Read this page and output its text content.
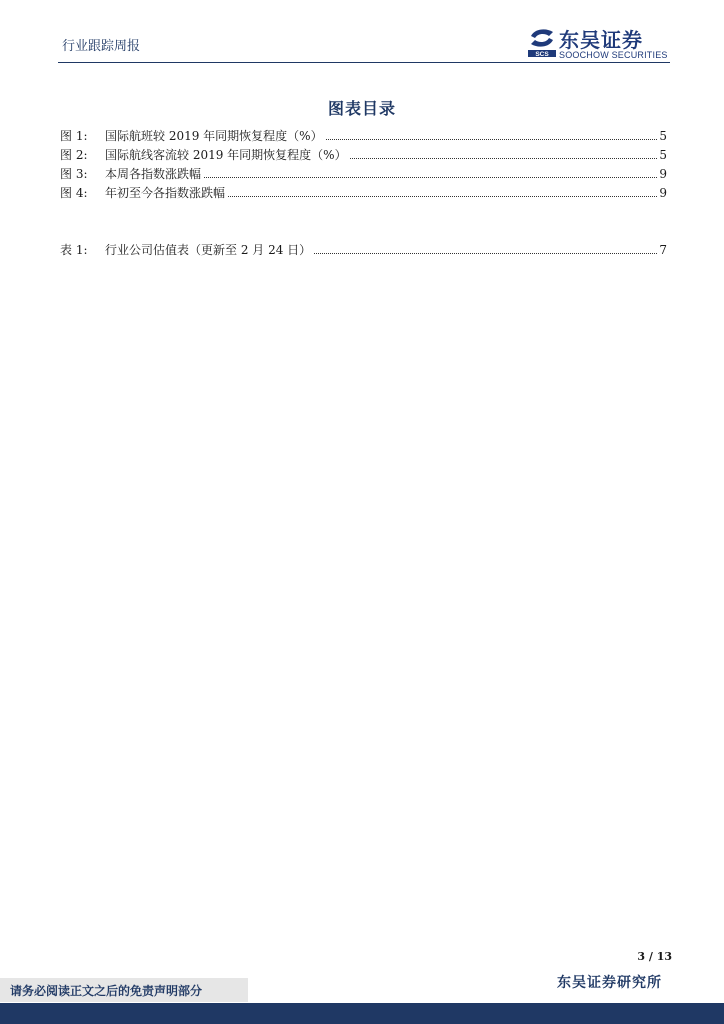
行业跟踪周报
SCS
东吴证券
SOOCHOW SECURITIES
图表目录
图 1:	国际航班较 2019 年同期恢复程度（%）	5
图 2:	国际航线客流较 2019 年同期恢复程度（%）	5
图 3:	本周各指数涨跌幅	9
图 4:	年初至今各指数涨跌幅	9
表 1:	行业公司估值表（更新至 2 月 24 日）	7
3 / 13
东吴证券研究所
请务必阅读正文之后的免责声明部分
